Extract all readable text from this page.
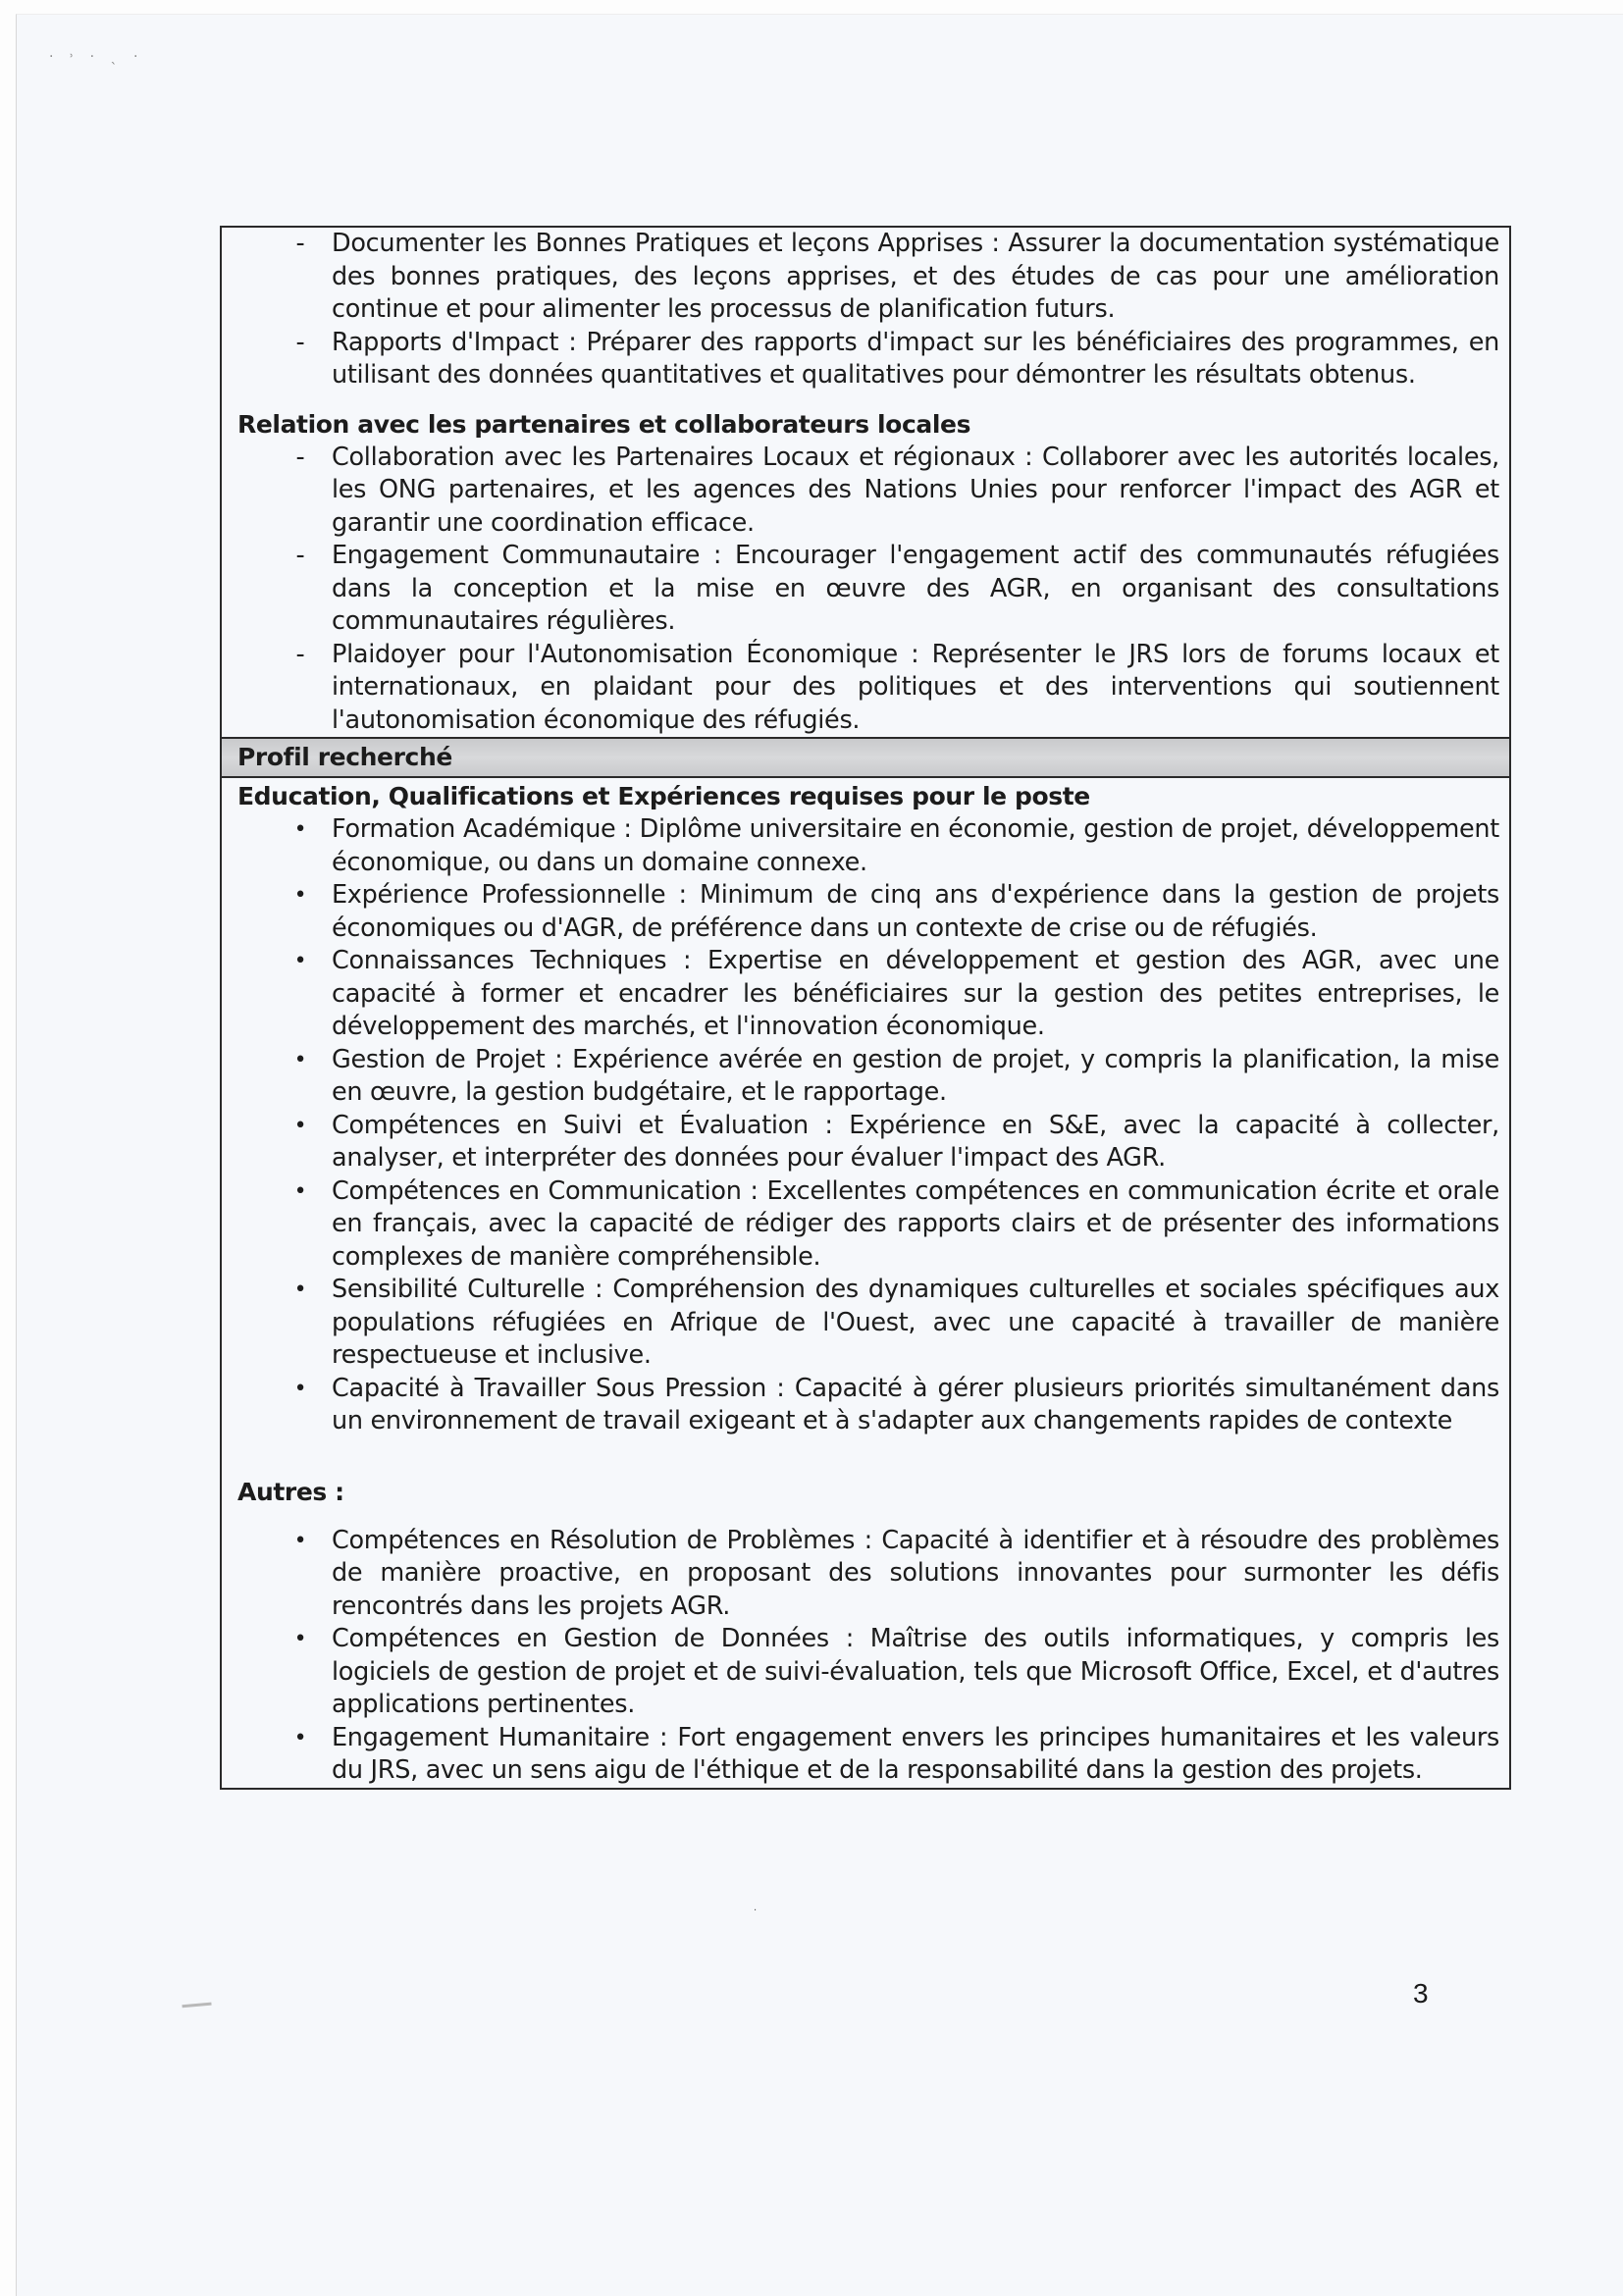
· ˒ · ˎ ·
- Documenter les Bonnes Pratiques et leçons Apprises : Assurer la documentation systématique des bonnes pratiques, des leçons apprises, et des études de cas pour une amélioration continue et pour alimenter les processus de planification futurs.
- Rapports d'Impact : Préparer des rapports d'impact sur les bénéficiaires des programmes, en utilisant des données quantitatives et qualitatives pour démontrer les résultats obtenus.
Relation avec les partenaires et collaborateurs locales
- Collaboration avec les Partenaires Locaux et régionaux : Collaborer avec les autorités locales, les ONG partenaires, et les agences des Nations Unies pour renforcer l'impact des AGR et garantir une coordination efficace.
- Engagement Communautaire : Encourager l'engagement actif des communautés réfugiées dans la conception et la mise en œuvre des AGR, en organisant des consultations communautaires régulières.
- Plaidoyer pour l'Autonomisation Économique : Représenter le JRS lors de forums locaux et internationaux, en plaidant pour des politiques et des interventions qui soutiennent l'autonomisation économique des réfugiés.
Profil recherché
Education, Qualifications et Expériences requises pour le poste
• Formation Académique : Diplôme universitaire en économie, gestion de projet, développement économique, ou dans un domaine connexe.
• Expérience Professionnelle : Minimum de cinq ans d'expérience dans la gestion de projets économiques ou d'AGR, de préférence dans un contexte de crise ou de réfugiés.
• Connaissances Techniques : Expertise en développement et gestion des AGR, avec une capacité à former et encadrer les bénéficiaires sur la gestion des petites entreprises, le développement des marchés, et l'innovation économique.
• Gestion de Projet : Expérience avérée en gestion de projet, y compris la planification, la mise en œuvre, la gestion budgétaire, et le rapportage.
• Compétences en Suivi et Évaluation : Expérience en S&E, avec la capacité à collecter, analyser, et interpréter des données pour évaluer l'impact des AGR.
• Compétences en Communication : Excellentes compétences en communication écrite et orale en français, avec la capacité de rédiger des rapports clairs et de présenter des informations complexes de manière compréhensible.
• Sensibilité Culturelle : Compréhension des dynamiques culturelles et sociales spécifiques aux populations réfugiées en Afrique de l'Ouest, avec une capacité à travailler de manière respectueuse et inclusive.
• Capacité à Travailler Sous Pression : Capacité à gérer plusieurs priorités simultanément dans un environnement de travail exigeant et à s'adapter aux changements rapides de contexte
Autres :
• Compétences en Résolution de Problèmes : Capacité à identifier et à résoudre des problèmes de manière proactive, en proposant des solutions innovantes pour surmonter les défis rencontrés dans les projets AGR.
• Compétences en Gestion de Données : Maîtrise des outils informatiques, y compris les logiciels de gestion de projet et de suivi-évaluation, tels que Microsoft Office, Excel, et d'autres applications pertinentes.
• Engagement Humanitaire : Fort engagement envers les principes humanitaires et les valeurs du JRS, avec un sens aigu de l'éthique et de la responsabilité dans la gestion des projets.
·
3
